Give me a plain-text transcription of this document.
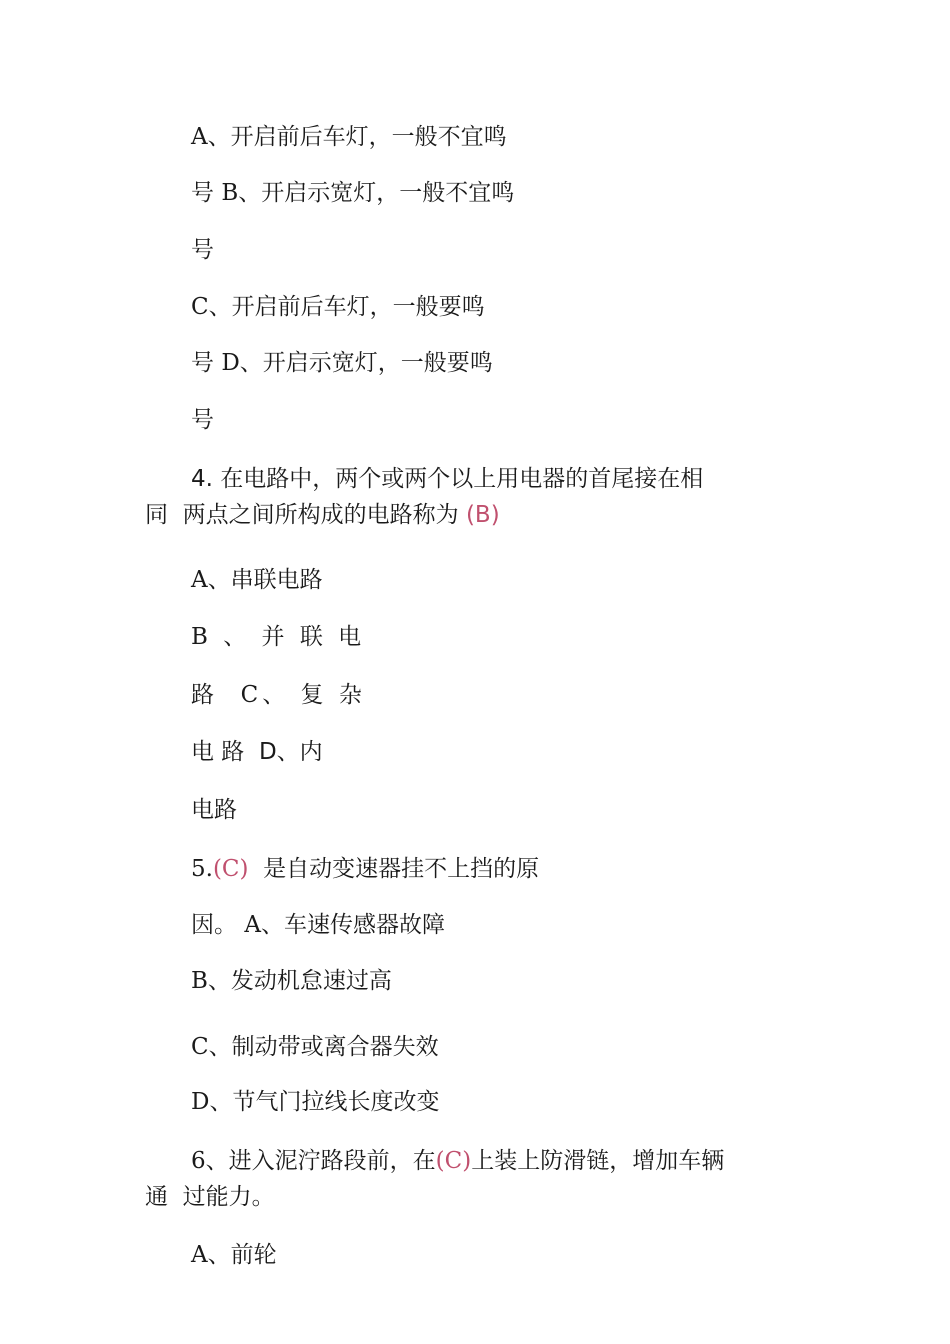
A、开启前后车灯，一般不宜鸣
号 B、开启示宽灯，一般不宜鸣
号
C、开启前后车灯，一般要鸣
号 D、开启示宽灯，一般要鸣
号
4. 在电路中，两个或两个以上用电器的首尾接在相
同  两点之间所构成的电路称为 (B)
A、串联电路
B 、 并 联 电
路  C、 复 杂
电 路  D、内
电路
5.(C)  是自动变速器挂不上挡的原
因。 A、车速传感器故障
B、发动机怠速过高
C、制动带或离合器失效
D、节气门拉线长度改变
6、进入泥泞路段前，在(C)上装上防滑链，增加车辆
通  过能力。
A、前轮
